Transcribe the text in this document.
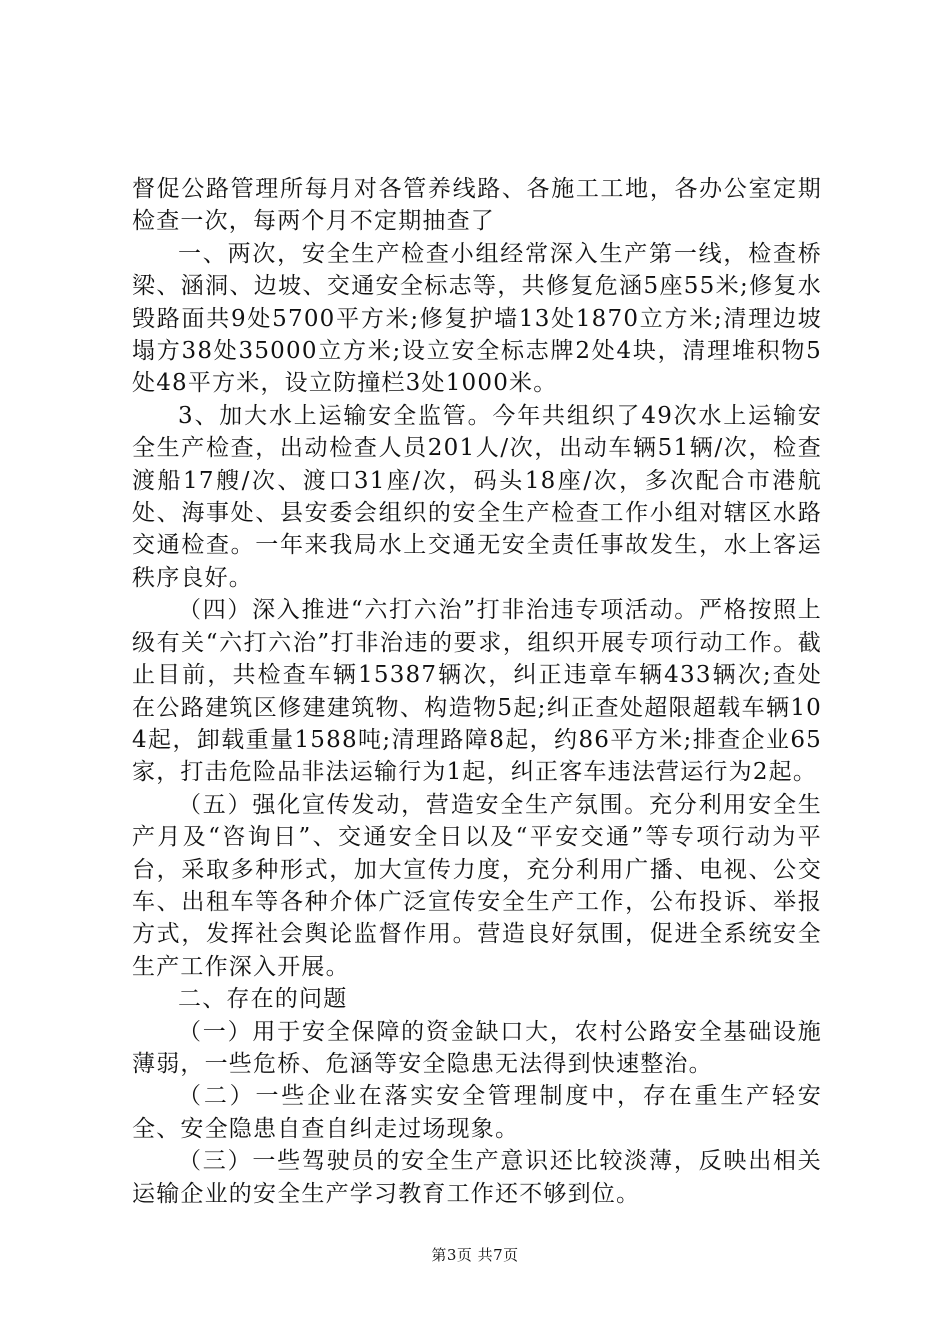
督促公路管理所每月对各管养线路、各施工工地，各办公室定期检查一次，每两个月不定期抽查了

一、两次，安全生产检查小组经常深入生产第一线，检查桥梁、涵洞、边坡、交通安全标志等，共修复危涵5座55米;修复水毁路面共9处5700平方米;修复护墙13处1870立方米;清理边坡塌方38处35000立方米;设立安全标志牌2处4块，清理堆积物5处48平方米，设立防撞栏3处1000米。

3、加大水上运输安全监管。今年共组织了49次水上运输安全生产检查，出动检查人员201人/次，出动车辆51辆/次，检查渡船17艘/次、渡口31座/次，码头18座/次，多次配合市港航处、海事处、县安委会组织的安全生产检查工作小组对辖区水路交通检查。一年来我局水上交通无安全责任事故发生，水上客运秩序良好。

（四）深入推进“六打六治”打非治违专项活动。严格按照上级有关“六打六治”打非治违的要求，组织开展专项行动工作。截止目前，共检查车辆15387辆次，纠正违章车辆433辆次;查处在公路建筑区修建建筑物、构造物5起;纠正查处超限超载车辆104起，卸载重量1588吨;清理路障8起，约86平方米;排查企业65家，打击危险品非法运输行为1起，纠正客车违法营运行为2起。

（五）强化宣传发动，营造安全生产氛围。充分利用安全生产月及“咨询日”、交通安全日以及“平安交通”等专项行动为平台，采取多种形式，加大宣传力度，充分利用广播、电视、公交车、出租车等各种介体广泛宣传安全生产工作，公布投诉、举报方式，发挥社会舆论监督作用。营造良好氛围，促进全系统安全生产工作深入开展。

二、存在的问题

（一）用于安全保障的资金缺口大，农村公路安全基础设施薄弱，一些危桥、危涵等安全隐患无法得到快速整治。

（二）一些企业在落实安全管理制度中，存在重生产轻安全、安全隐患自查自纠走过场现象。

（三）一些驾驶员的安全生产意识还比较淡薄，反映出相关运输企业的安全生产学习教育工作还不够到位。

第3页 共7页
